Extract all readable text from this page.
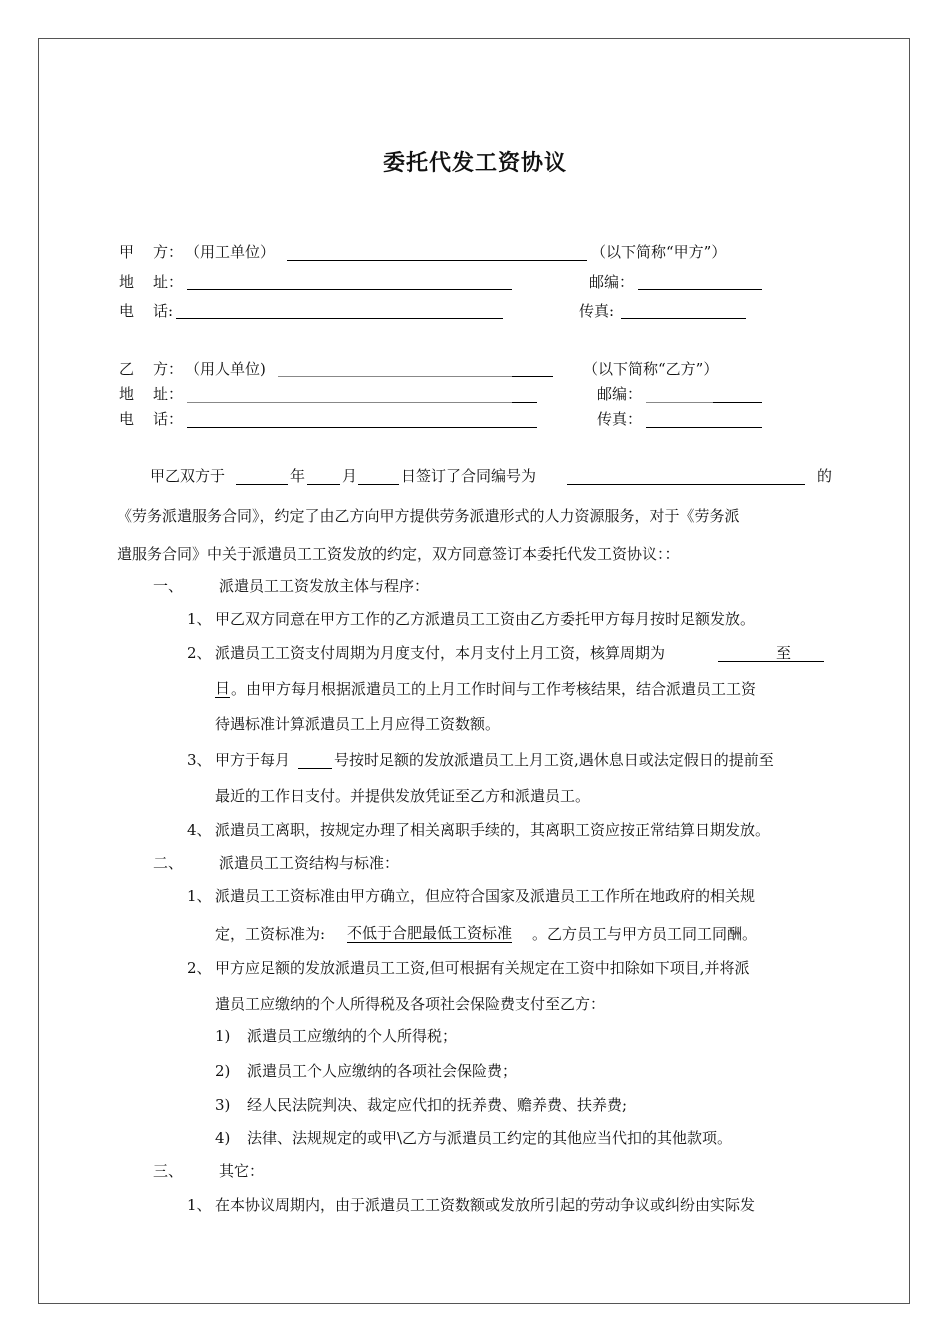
委托代发工资协议
甲 方： （用工单位）	（以下简称“甲方”）
地 址：	邮编：
电 话:	传真:
乙 方： （用人单位)	（以下简称“乙方”）
地 址：	邮编：
电 话：	传真：
甲乙双方于	年 月	日签订了合同编号为	的
《劳务派遣服务合同》，约定了由乙方向甲方提供劳务派遣形式的人力资源服务，对于《劳务派
遣服务合同》中关于派遣员工工资发放的约定，双方同意签订本委托代发工资协议：：
一、 派遣员工工资发放主体与程序：
1、 甲乙双方同意在甲方工作的乙方派遣员工工资由乙方委托甲方每月按时足额发放。
2、 派遣员工工资支付周期为月度支付，本月支付上月工资，核算周期为	至
日 。由甲方每月根据派遣员工的上月工作时间与工作考核结果，结合派遣员工工资
待遇标准计算派遣员工上月应得工资数额。
3、 甲方于每月	号按时足额的发放派遣员工上月工资,遇休息日或法定假日的提前至
最近的工作日支付。并提供发放凭证至乙方和派遣员工。
4、 派遣员工离职，按规定办理了相关离职手续的，其离职工资应按正常结算日期发放。
二、 派遣员工工资结构与标准：
1、 派遣员工工资标准由甲方确立，但应符合国家及派遣员工工作所在地政府的相关规
定，工资标准为: 不低于合肥最低工资标准 。乙方员工与甲方员工同工同酬。
2、 甲方应足额的发放派遣员工工资,但可根据有关规定在工资中扣除如下项目,并将派
遣员工应缴纳的个人所得税及各项社会保险费支付至乙方：
1) 派遣员工应缴纳的个人所得税；
2) 派遣员工个人应缴纳的各项社会保险费；
3) 经人民法院判决、裁定应代扣的抚养费、赡养费、扶养费;
4) 法律、法规规定的或甲\乙方与派遣员工约定的其他应当代扣的其他款项。
三、 其它：
1、 在本协议周期内，由于派遣员工工资数额或发放所引起的劳动争议或纠纷由实际发
